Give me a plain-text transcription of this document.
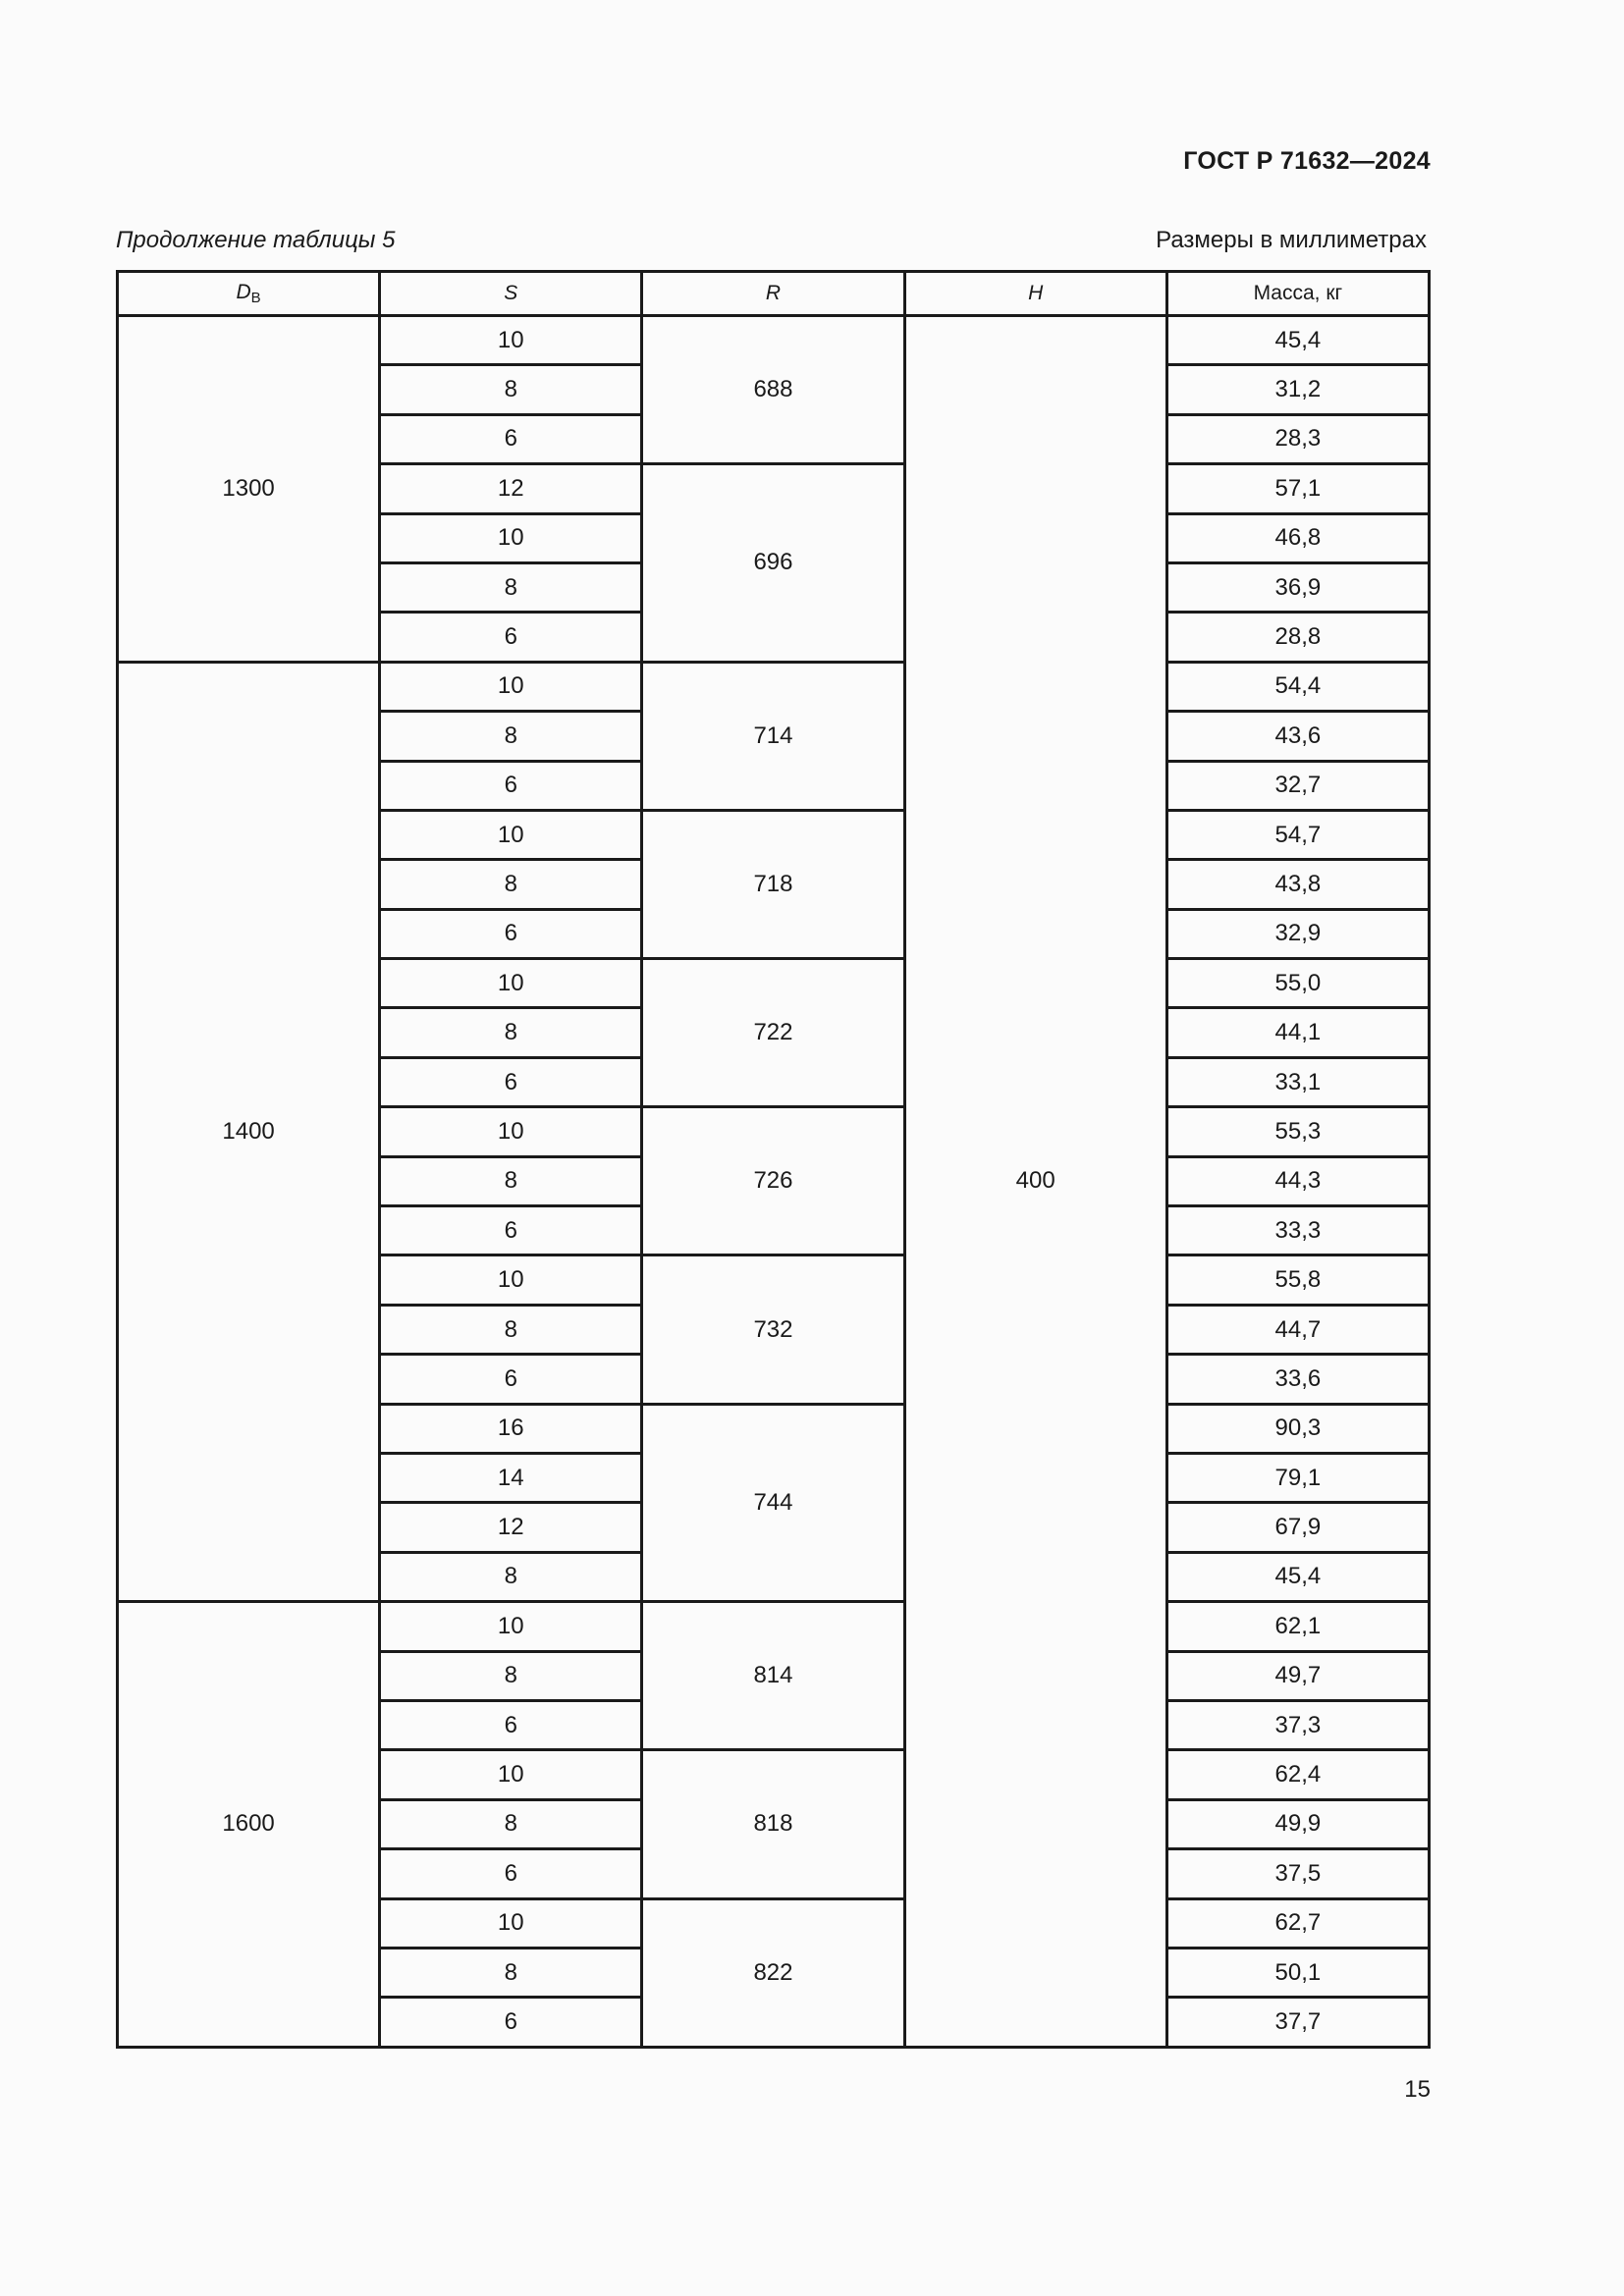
ГОСТ Р 71632—2024
Продолжение таблицы 5	Размеры в миллиметрах
$D_В$	S	R	H	Масса, кг
1300	10	688	400	45,4
	8			31,2
	6			28,3
	12	696		57,1
	10			46,8
	8			36,9
	6			28,8
1400	10	714		54,4
	8			43,6
	6			32,7
	10	718		54,7
	8			43,8
	6			32,9
	10	722		55,0
	8			44,1
	6			33,1
	10	726		55,3
	8			44,3
	6			33,3
	10	732		55,8
	8			44,7
	6			33,6
	16	744		90,3
	14			79,1
	12			67,9
	8			45,4
1600	10	814		62,1
	8			49,7
	6			37,3
	10	818		62,4
	8			49,9
	6			37,5
	10	822		62,7
	8			50,1
	6			37,7
15
